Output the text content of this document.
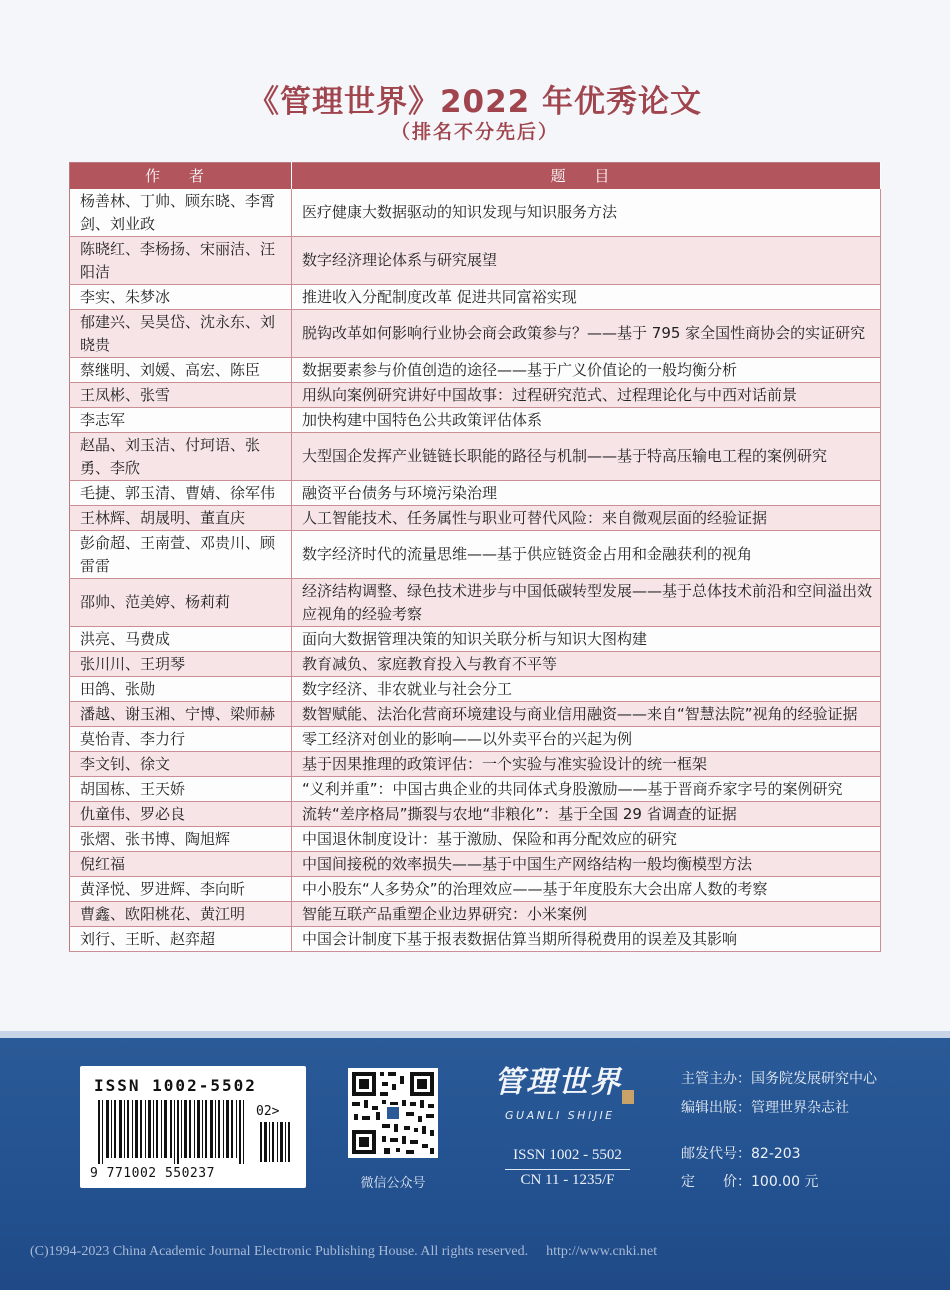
《管理世界》2022 年优秀论文
（排名不分先后）
作 者	题 目
杨善林、丁帅、顾东晓、李霄剑、刘业政	医疗健康大数据驱动的知识发现与知识服务方法
陈晓红、李杨扬、宋丽洁、汪阳洁	数字经济理论体系与研究展望
李实、朱梦冰	推进收入分配制度改革 促进共同富裕实现
郁建兴、吴昊岱、沈永东、刘晓贵	脱钩改革如何影响行业协会商会政策参与？——基于 795 家全国性商协会的实证研究
蔡继明、刘媛、高宏、陈臣	数据要素参与价值创造的途径——基于广义价值论的一般均衡分析
王凤彬、张雪	用纵向案例研究讲好中国故事：过程研究范式、过程理论化与中西对话前景
李志军	加快构建中国特色公共政策评估体系
赵晶、刘玉洁、付珂语、张勇、李欣	大型国企发挥产业链链长职能的路径与机制——基于特高压输电工程的案例研究
毛捷、郭玉清、曹婧、徐军伟	融资平台债务与环境污染治理
王林辉、胡晟明、董直庆	人工智能技术、任务属性与职业可替代风险：来自微观层面的经验证据
彭俞超、王南萱、邓贵川、顾雷雷	数字经济时代的流量思维——基于供应链资金占用和金融获利的视角
邵帅、范美婷、杨莉莉	经济结构调整、绿色技术进步与中国低碳转型发展——基于总体技术前沿和空间溢出效应视角的经验考察
洪亮、马费成	面向大数据管理决策的知识关联分析与知识大图构建
张川川、王玥琴	教育减负、家庭教育投入与教育不平等
田鸽、张勋	数字经济、非农就业与社会分工
潘越、谢玉湘、宁博、梁师赫	数智赋能、法治化营商环境建设与商业信用融资——来自“智慧法院”视角的经验证据
莫怡青、李力行	零工经济对创业的影响——以外卖平台的兴起为例
李文钊、徐文	基于因果推理的政策评估：一个实验与准实验设计的统一框架
胡国栋、王天娇	“义利并重”：中国古典企业的共同体式身股激励——基于晋商乔家字号的案例研究
仇童伟、罗必良	流转“差序格局”撕裂与农地“非粮化”：基于全国 29 省调查的证据
张熠、张书博、陶旭辉	中国退休制度设计：基于激励、保险和再分配效应的研究
倪红福	中国间接税的效率损失——基于中国生产网络结构一般均衡模型方法
黄泽悦、罗进辉、李向昕	中小股东“人多势众”的治理效应——基于年度股东大会出席人数的考察
曹鑫、欧阳桃花、黄江明	智能互联产品重塑企业边界研究：小米案例
刘行、王昕、赵弈超	中国会计制度下基于报表数据估算当期所得税费用的误差及其影响
ISSN 1002-5502
02>
9 771002 550237
微信公众号
管理世界
GUANLI SHIJIE
ISSN 1002 - 5502
CN 11 - 1235/F
主管主办：国务院发展研究中心
编辑出版：管理世界杂志社
邮发代号：82-203
定　　价：100.00 元
(C)1994-2023 China Academic Journal Electronic Publishing House. All rights reserved. http://www.cnki.net
